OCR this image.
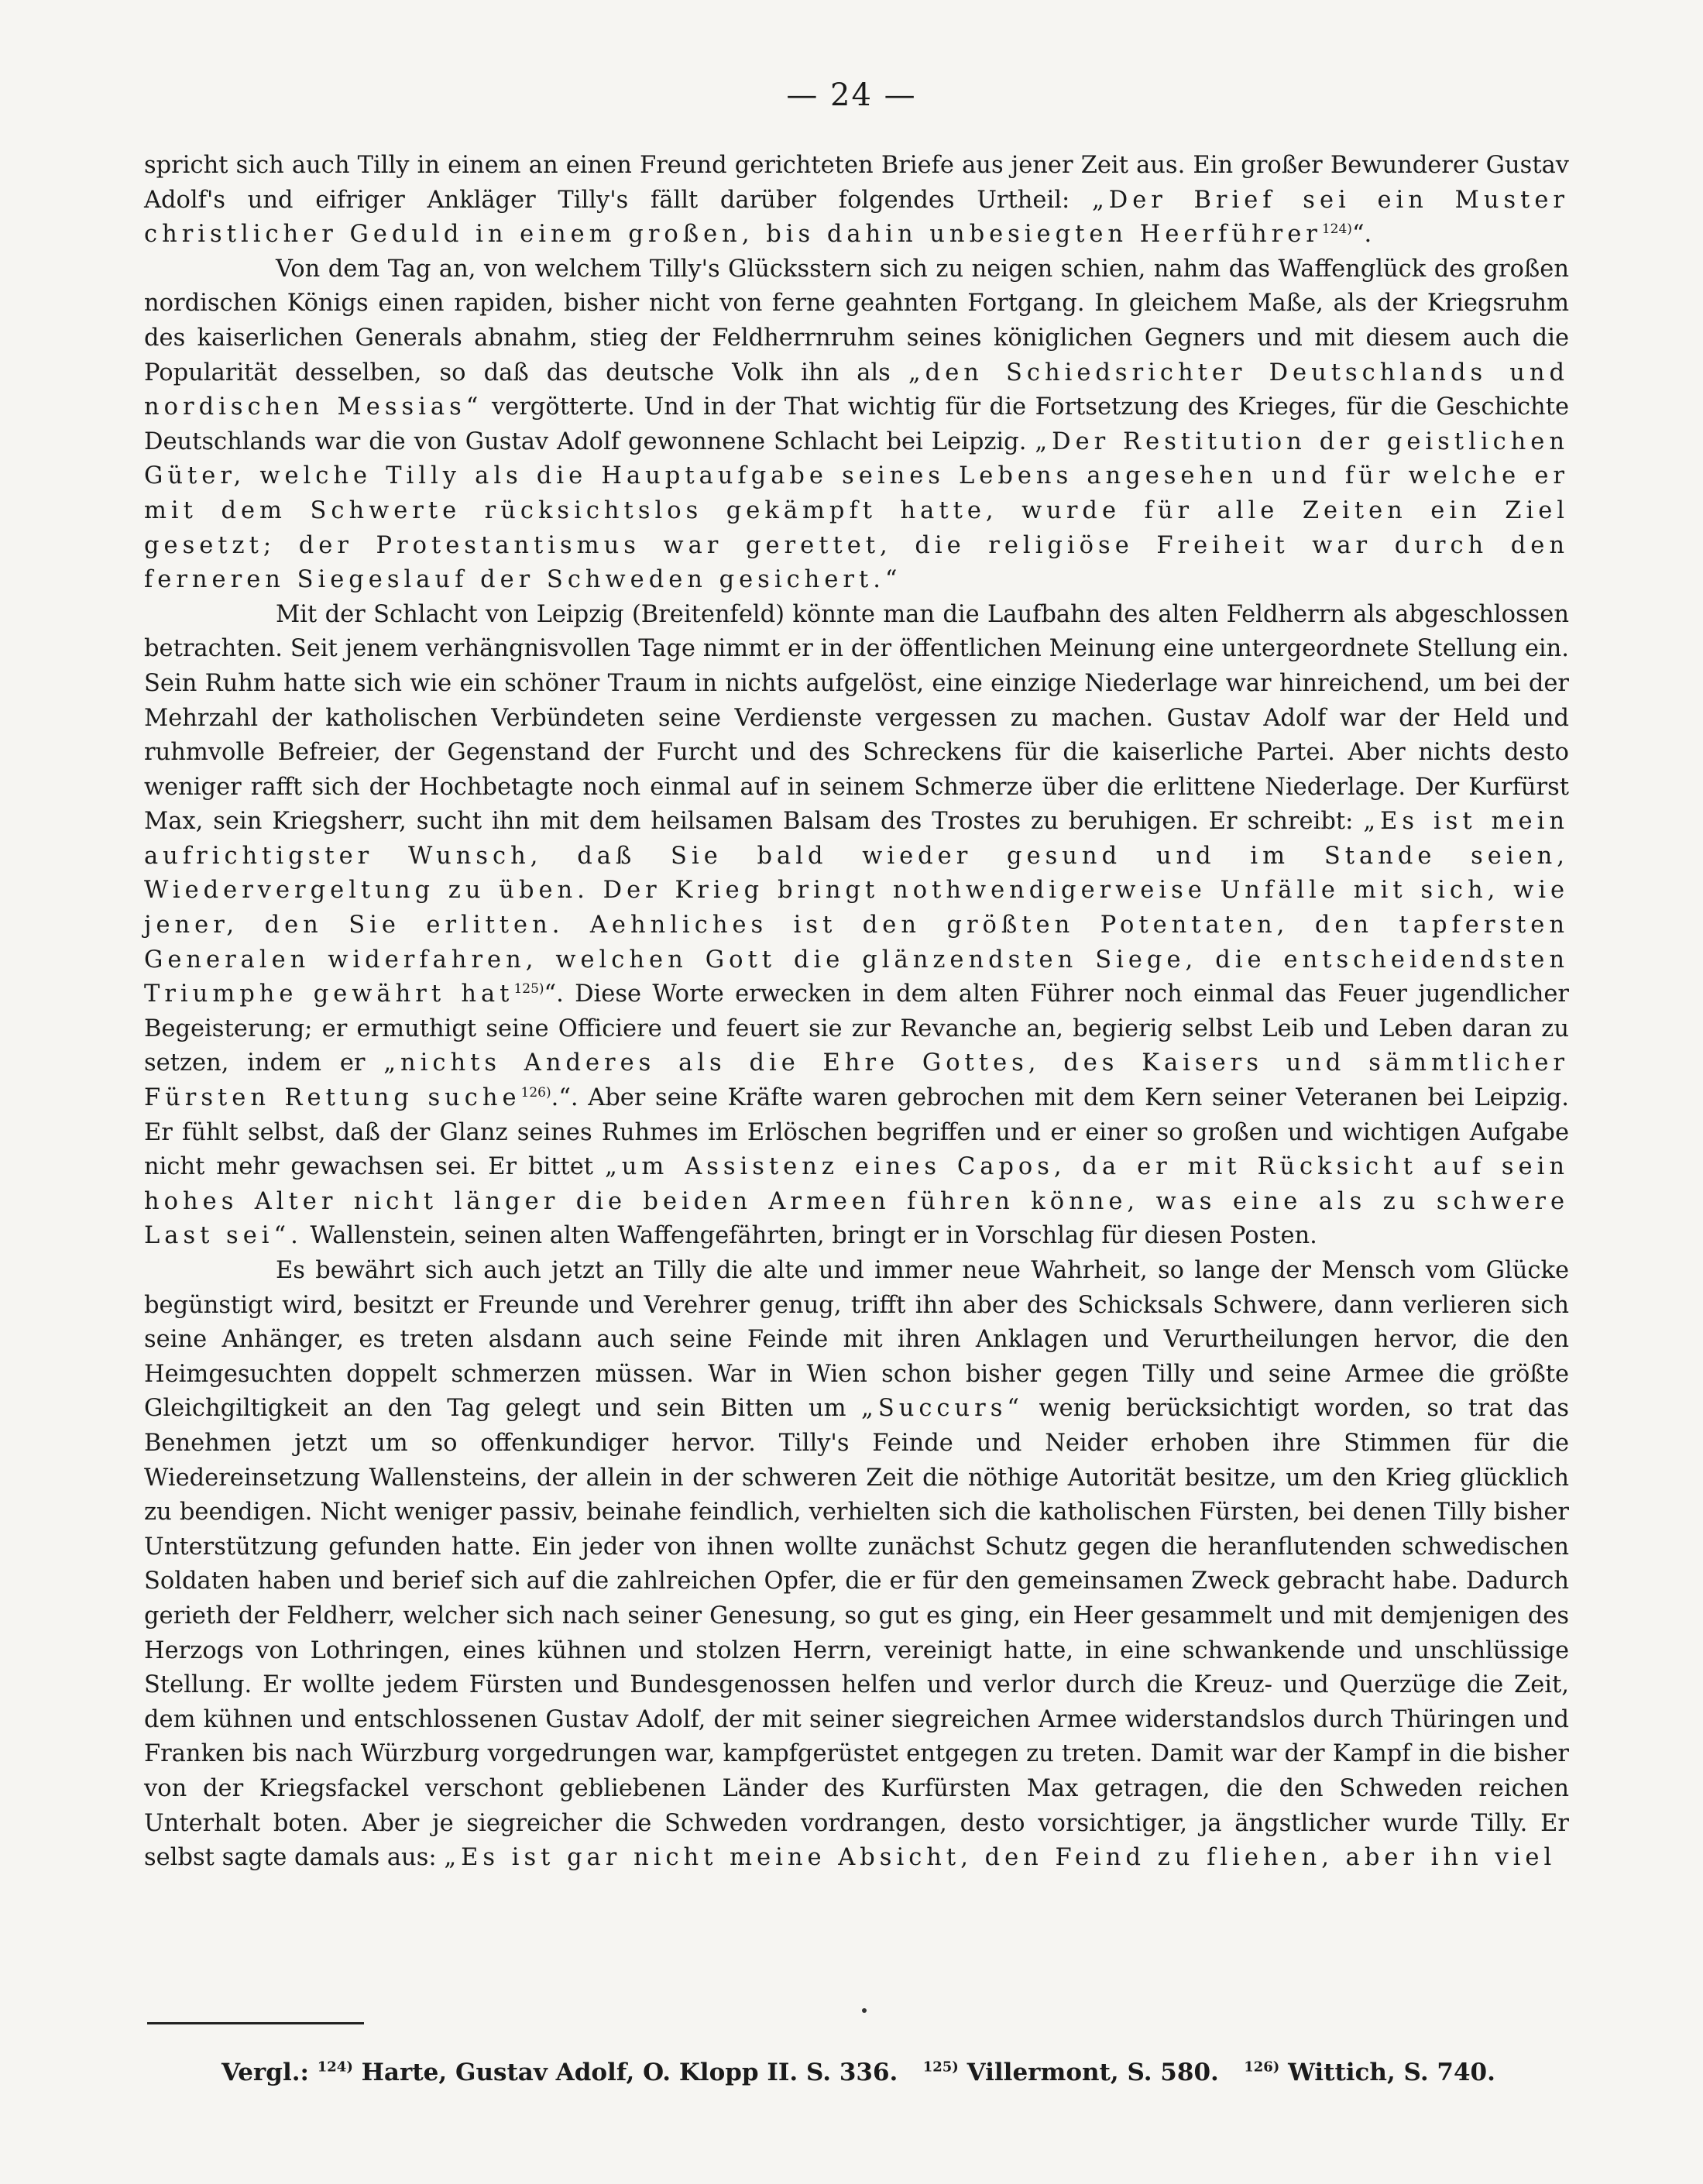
— 24 —

spricht sich auch Tilly in einem an einen Freund gerichteten Briefe aus jener Zeit aus. Ein großer Bewunderer Gustav Adolf's und eifriger Ankläger Tilly's fällt darüber folgendes Urtheil: „Der Brief sei ein Muster christlicher Geduld in einem großen, bis dahin unbesiegten Heerführer$^{124)}$“.

Von dem Tag an, von welchem Tilly's Glücksstern sich zu neigen schien, nahm das Waffenglück des großen nordischen Königs einen rapiden, bisher nicht von ferne geahnten Fortgang. In gleichem Maße, als der Kriegsruhm des kaiserlichen Generals abnahm, stieg der Feldherrnruhm seines königlichen Gegners und mit diesem auch die Popularität desselben, so daß das deutsche Volk ihn als „den Schiedsrichter Deutschlands und nordischen Messias“ vergötterte. Und in der That wichtig für die Fortsetzung des Krieges, für die Geschichte Deutschlands war die von Gustav Adolf gewonnene Schlacht bei Leipzig. „Der Restitution der geistlichen Güter, welche Tilly als die Hauptaufgabe seines Lebens angesehen und für welche er mit dem Schwerte rücksichtslos gekämpft hatte, wurde für alle Zeiten ein Ziel gesetzt; der Protestantismus war gerettet, die religiöse Freiheit war durch den ferneren Siegeslauf der Schweden gesichert.“

Mit der Schlacht von Leipzig (Breitenfeld) könnte man die Laufbahn des alten Feldherrn als abgeschlossen betrachten. Seit jenem verhängnisvollen Tage nimmt er in der öffentlichen Meinung eine untergeordnete Stellung ein. Sein Ruhm hatte sich wie ein schöner Traum in nichts aufgelöst, eine einzige Niederlage war hinreichend, um bei der Mehrzahl der katholischen Verbündeten seine Verdienste vergessen zu machen. Gustav Adolf war der Held und ruhmvolle Befreier, der Gegenstand der Furcht und des Schreckens für die kaiserliche Partei. Aber nichts desto weniger rafft sich der Hochbetagte noch einmal auf in seinem Schmerze über die erlittene Niederlage. Der Kurfürst Max, sein Kriegsherr, sucht ihn mit dem heilsamen Balsam des Trostes zu beruhigen. Er schreibt: „Es ist mein aufrichtigster Wunsch, daß Sie bald wieder gesund und im Stande seien, Wiedervergeltung zu üben. Der Krieg bringt nothwendigerweise Unfälle mit sich, wie jener, den Sie erlitten. Aehnliches ist den größten Potentaten, den tapfersten Generalen widerfahren, welchen Gott die glänzendsten Siege, die entscheidendsten Triumphe gewährt hat$^{125)}$“. Diese Worte erwecken in dem alten Führer noch einmal das Feuer jugendlicher Begeisterung; er ermuthigt seine Officiere und feuert sie zur Revanche an, begierig selbst Leib und Leben daran zu setzen, indem er „nichts Anderes als die Ehre Gottes, des Kaisers und sämmtlicher Fürsten Rettung suche$^{126)}$.“. Aber seine Kräfte waren gebrochen mit dem Kern seiner Veteranen bei Leipzig. Er fühlt selbst, daß der Glanz seines Ruhmes im Erlöschen begriffen und er einer so großen und wichtigen Aufgabe nicht mehr gewachsen sei. Er bittet „um Assistenz eines Capos, da er mit Rücksicht auf sein hohes Alter nicht länger die beiden Armeen führen könne, was eine als zu schwere Last sei“. Wallenstein, seinen alten Waffengefährten, bringt er in Vorschlag für diesen Posten.

Es bewährt sich auch jetzt an Tilly die alte und immer neue Wahrheit, so lange der Mensch vom Glücke begünstigt wird, besitzt er Freunde und Verehrer genug, trifft ihn aber des Schicksals Schwere, dann verlieren sich seine Anhänger, es treten alsdann auch seine Feinde mit ihren Anklagen und Verurtheilungen hervor, die den Heimgesuchten doppelt schmerzen müssen. War in Wien schon bisher gegen Tilly und seine Armee die größte Gleichgiltigkeit an den Tag gelegt und sein Bitten um „Succurs“ wenig berücksichtigt worden, so trat das Benehmen jetzt um so offenkundiger hervor. Tilly's Feinde und Neider erhoben ihre Stimmen für die Wiedereinsetzung Wallensteins, der allein in der schweren Zeit die nöthige Autorität besitze, um den Krieg glücklich zu beendigen. Nicht weniger passiv, beinahe feindlich, verhielten sich die katholischen Fürsten, bei denen Tilly bisher Unterstützung gefunden hatte. Ein jeder von ihnen wollte zunächst Schutz gegen die heranflutenden schwedischen Soldaten haben und berief sich auf die zahlreichen Opfer, die er für den gemeinsamen Zweck gebracht habe. Dadurch gerieth der Feldherr, welcher sich nach seiner Genesung, so gut es ging, ein Heer gesammelt und mit demjenigen des Herzogs von Lothringen, eines kühnen und stolzen Herrn, vereinigt hatte, in eine schwankende und unschlüssige Stellung. Er wollte jedem Fürsten und Bundesgenossen helfen und verlor durch die Kreuz- und Querzüge die Zeit, dem kühnen und entschlossenen Gustav Adolf, der mit seiner siegreichen Armee widerstandslos durch Thüringen und Franken bis nach Würzburg vorgedrungen war, kampfgerüstet entgegen zu treten. Damit war der Kampf in die bisher von der Kriegsfackel verschont gebliebenen Länder des Kurfürsten Max getragen, die den Schweden reichen Unterhalt boten. Aber je siegreicher die Schweden vordrangen, desto vorsichtiger, ja ängstlicher wurde Tilly. Er selbst sagte damals aus: „Es ist gar nicht meine Absicht, den Feind zu fliehen, aber ihn viel

Vergl.: $^{124)}$ Harte, Gustav Adolf, O. Klopp II. S. 336. $^{125)}$ Villermont, S. 580. $^{126)}$ Wittich, S. 740.
